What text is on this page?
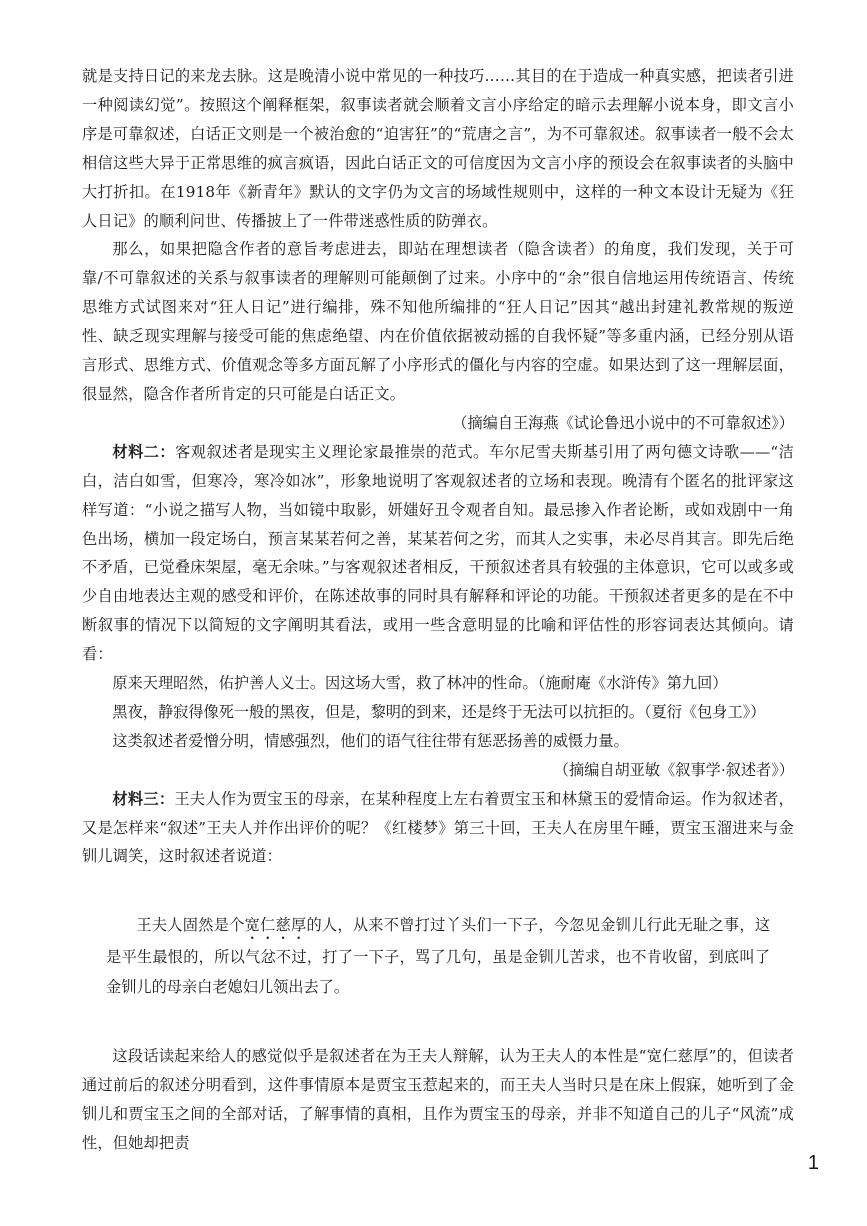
就是支持日记的来龙去脉。这是晚清小说中常见的一种技巧……其目的在于造成一种真实感，把读者引进一种阅读幻觉”。按照这个阐释框架，叙事读者就会顺着文言小序给定的暗示去理解小说本身，即文言小序是可靠叙述，白话正文则是一个被治愈的“迫害狂”的“荒唐之言”，为不可靠叙述。叙事读者一般不会太相信这些大异于正常思维的疯言疯语，因此白话正文的可信度因为文言小序的预设会在叙事读者的头脑中大打折扣。在1918年《新青年》默认的文字仍为文言的场域性规则中，这样的一种文本设计无疑为《狂人日记》的顺利问世、传播披上了一件带迷惑性质的防弹衣。

那么，如果把隐含作者的意旨考虑进去，即站在理想读者（隐含读者）的角度，我们发现，关于可靠/不可靠叙述的关系与叙事读者的理解则可能颠倒了过来。小序中的“余”很自信地运用传统语言、传统思维方式试图来对“狂人日记”进行编排，殊不知他所编排的“狂人日记”因其“越出封建礼教常规的叛逆性、缺乏现实理解与接受可能的焦虑绝望、内在价值依据被动摇的自我怀疑”等多重内涵，已经分别从语言形式、思维方式、价值观念等多方面瓦解了小序形式的僵化与内容的空虚。如果达到了这一理解层面，很显然，隐含作者所肯定的只可能是白话正文。

（摘编自王海燕《试论鲁迅小说中的不可靠叙述》）

材料二：客观叙述者是现实主义理论家最推崇的范式。车尔尼雪夫斯基引用了两句德文诗歌——“洁白，洁白如雪，但寒冷，寒冷如冰”，形象地说明了客观叙述者的立场和表现。晚清有个匿名的批评家这样写道：“小说之描写人物，当如镜中取影，妍媸好丑令观者自知。最忌掺入作者论断，或如戏剧中一角色出场，横加一段定场白，预言某某若何之善，某某若何之劣，而其人之实事，未必尽肖其言。即先后绝不矛盾，已觉叠床架屋，毫无余味。”与客观叙述者相反，干预叙述者具有较强的主体意识，它可以或多或少自由地表达主观的感受和评价，在陈述故事的同时具有解释和评论的功能。干预叙述者更多的是在不中断叙事的情况下以简短的文字阐明其看法，或用一些含意明显的比喻和评估性的形容词表达其倾向。请看：

原来天理昭然，佑护善人义士。因这场大雪，救了林冲的性命。（施耐庵《水浒传》第九回）

黑夜，静寂得像死一般的黑夜，但是，黎明的到来，还是终于无法可以抗拒的。（夏衍《包身工》）

这类叙述者爱憎分明，情感强烈，他们的语气往往带有惩恶扬善的威慑力量。

（摘编自胡亚敏《叙事学·叙述者》）

材料三：王夫人作为贾宝玉的母亲，在某种程度上左右着贾宝玉和林黛玉的爱情命运。作为叙述者，又是怎样来“叙述”王夫人并作出评价的呢？《红楼梦》第三十回，王夫人在房里午睡，贾宝玉溜进来与金钏儿调笑，这时叙述者说道：

王夫人固然是个宽仁慈厚的人，从来不曾打过丫头们一下子，今忽见金钏儿行此无耻之事，这是平生最恨的，所以气忿不过，打了一下子，骂了几句，虽是金钏儿苦求，也不肯收留，到底叫了金钏儿的母亲白老媳妇儿领出去了。

这段话读起来给人的感觉似乎是叙述者在为王夫人辩解，认为王夫人的本性是“宽仁慈厚”的，但读者通过前后的叙述分明看到，这件事情原本是贾宝玉惹起来的，而王夫人当时只是在床上假寐，她听到了金钏儿和贾宝玉之间的全部对话，了解事情的真相，且作为贾宝玉的母亲，并非不知道自己的儿子“风流”成性，但她却把责

1
